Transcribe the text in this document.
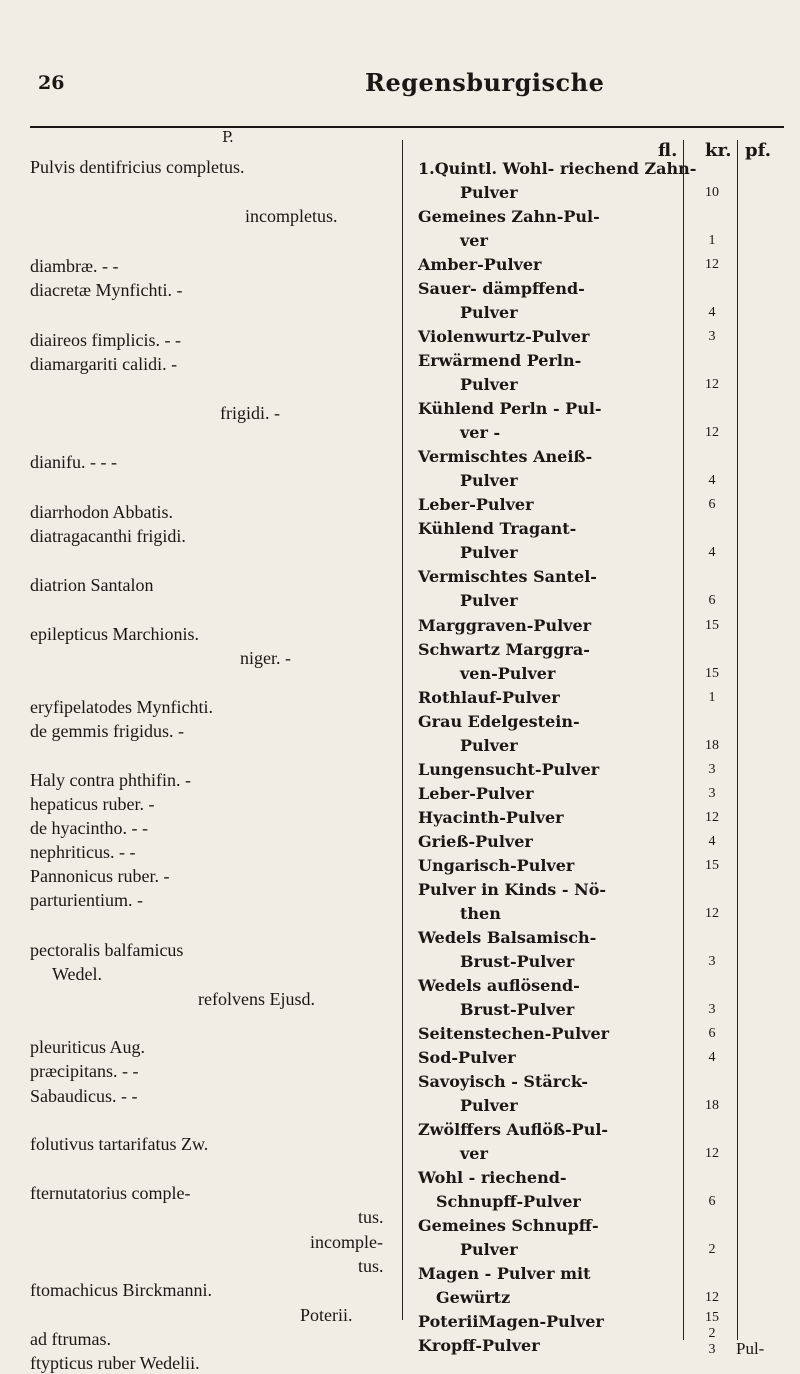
26	Regensburgische
P.
fl. kr. pf.
Pulvis dentifricius completus.
incompletus.
diambræ. - -
diacretæ Mynfichti. -
diaireos fimplicis. - -
diamargariti calidi. -
frigidi. -
dianifu. - - -
diarrhodon Abbatis.
diatragacanthi frigidi.
diatrion Santalon
epilepticus Marchionis.
niger. -
eryfipelatodes Mynfichti.
de gemmis frigidus. -
Haly contra phthifin. -
hepaticus ruber. -
de hyacintho. - -
nephriticus. - -
Pannonicus ruber. -
parturientium. -
pectoralis balfamicus
Wedel.
refolvens Ejusd.
pleuriticus Aug.
præcipitans. - -
Sabaudicus. - -
folutivus tartarifatus Zw.
fternutatorius comple-
tus.
incomple-
tus.
ftomachicus Birckmanni.
Poterii.
ad ftrumas.
ftypticus ruber Wedelii.
1.Quintl. Wohl- riechend Zahn-
Pulver
Gemeines Zahn-Pul-
ver
Amber-Pulver
Sauer- dämpffend-
Pulver
Violenwurtz-Pulver
Erwärmend Perln-
Pulver
Kühlend Perln - Pul-
ver -
Vermischtes Aneiß-
Pulver
Leber-Pulver
Kühlend Tragant-
Pulver
Vermischtes Santel-
Pulver
Marggraven-Pulver
Schwartz Marggra-
ven-Pulver
Rothlauf-Pulver
Grau Edelgestein-
Pulver
Lungensucht-Pulver
Leber-Pulver
Hyacinth-Pulver
Grieß-Pulver
Ungarisch-Pulver
Pulver in Kinds - Nö-
then
Wedels Balsamisch-
Brust-Pulver
Wedels auflösend-
Brust-Pulver
Seitenstechen-Pulver
Sod-Pulver
Savoyisch - Stärck-
Pulver
Zwölffers Auflöß-Pul-
ver
Wohl - riechend-
Schnupff-Pulver
Gemeines Schnupff-
Pulver
Magen - Pulver mit
Gewürtz
PoteriiMagen-Pulver
Kropff-Pulver
10
1
12
4
3
12
12
4
6
4
6
15
15
1
18
3
3
12
4
15
12
3
3
6
4
18
12
6
2
12
15
2
3	Pul-
